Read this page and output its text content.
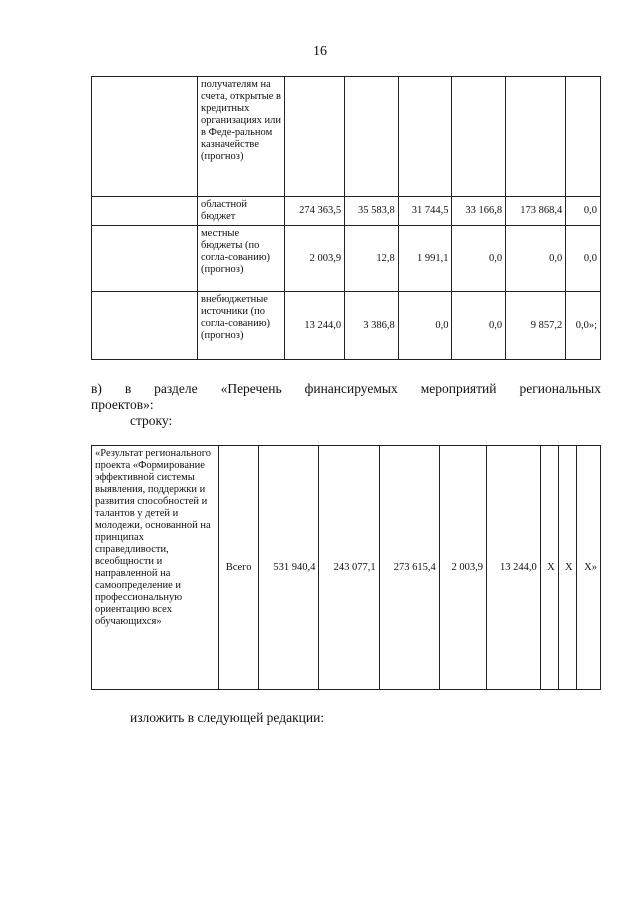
16
	получателям на счета, открытые в кредитных организациях или в Феде-ральном казначействе (прогноз)						
	областной бюджет	274 363,5	35 583,8	31 744,5	33 166,8	173 868,4	0,0
	местные бюджеты (по согла-сованию) (прогноз)	2 003,9	12,8	1 991,1	0,0	0,0	0,0
	внебюджетные источники (по согла-сованию) (прогноз)	13 244,0	3 386,8	0,0	0,0	9 857,2	0,0»;
в) в разделе «Перечень финансируемых мероприятий региональных
проектов»:
строку:
«Результат регионального проекта «Формирование эффективной системы выявления, поддержки и развития способностей и талантов у детей и молодежи, основанной на принципах справедливости, всеобщности и направленной на самоопределение и профессиональную ориентацию всех обучающихся»	Всего	531 940,4	243 077,1	273 615,4	2 003,9	13 244,0	Х	Х	Х»
изложить в следующей редакции:
